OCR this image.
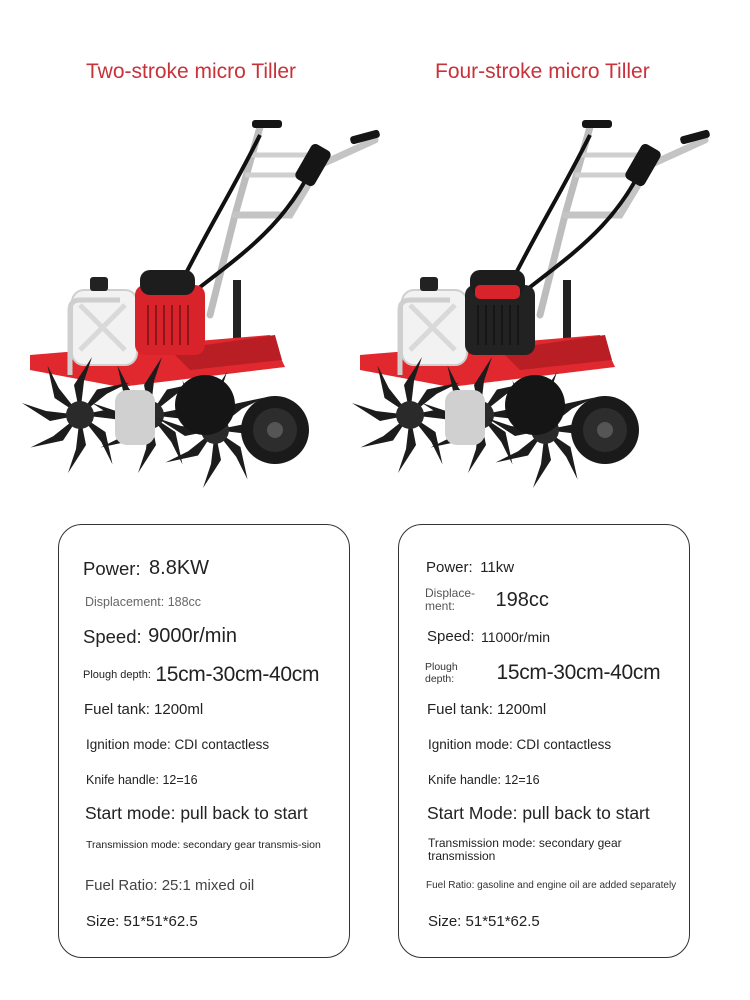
Two-stroke micro Tiller	Four-stroke micro Tiller
Power: 8.8KW
Displacement: 188cc
Speed: 9000r/min
Plough depth: 15cm-30cm-40cm
Fuel tank: 1200ml
Ignition mode: CDI contactless
Knife handle: 12=16
Start mode: pull back to start
Transmission mode: secondary gear transmis-sion
Fuel Ratio: 25:1 mixed oil
Size: 51*51*62.5
Power: 11kw
Displace-ment: 198cc
Speed: 11000r/min
Plough depth: 15cm-30cm-40cm
Fuel tank: 1200ml
Ignition mode: CDI contactless
Knife handle: 12=16
Start Mode: pull back to start
Transmission mode: secondary gear transmission
Fuel Ratio: gasoline and engine oil are added separately
Size: 51*51*62.5
